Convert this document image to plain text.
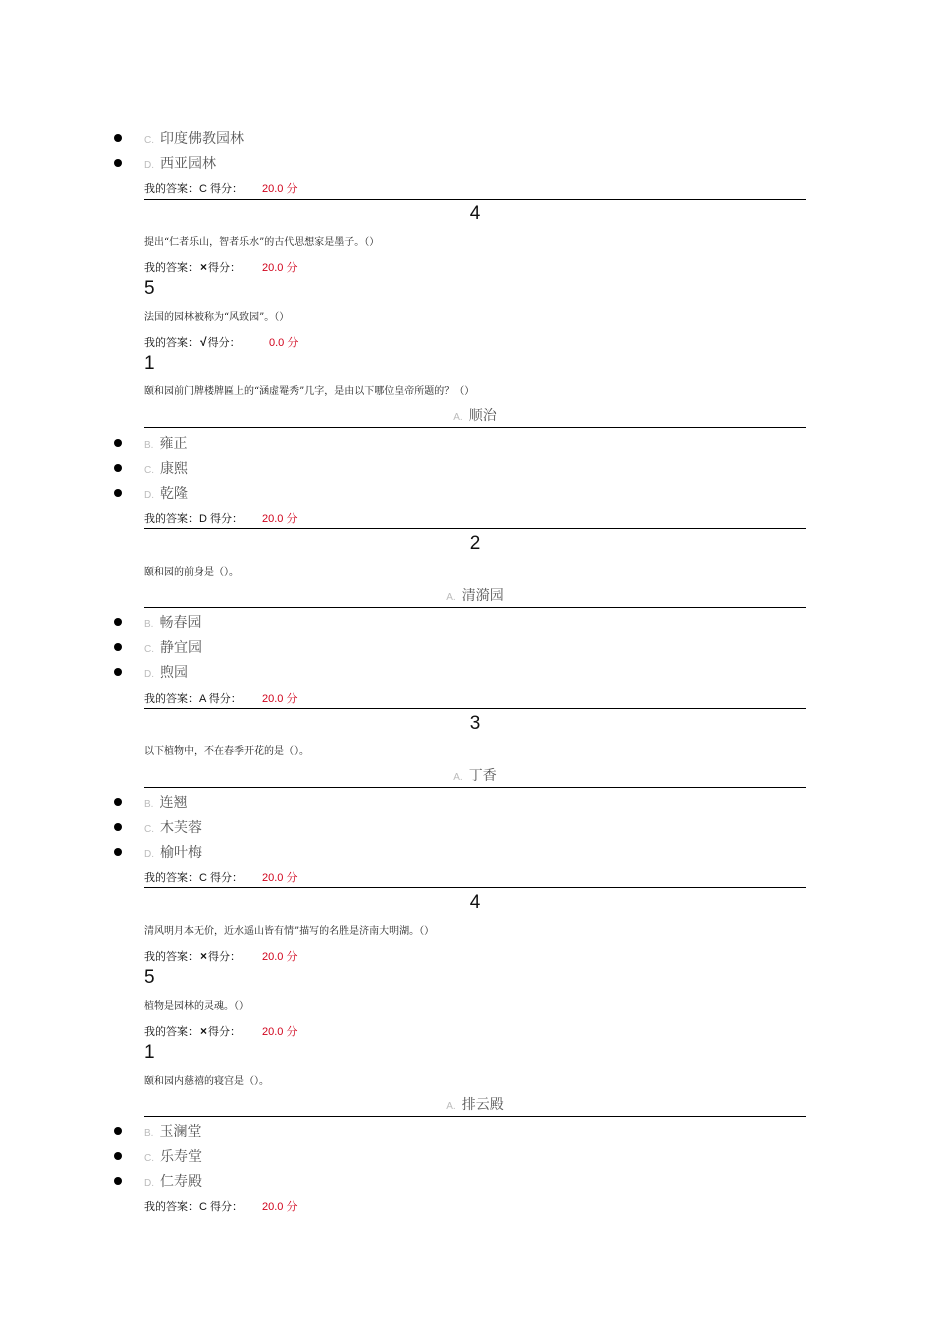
C. 印度佛教园林
D. 西亚园林
我的答案：C 得分： 20.0 分
4
提出“仁者乐山，智者乐水”的古代思想家是墨子。（）
我的答案：×得分： 20.0 分
5
法国的园林被称为“风致园”。（）
我的答案：√得分：	0.0 分
1
颐和园前门牌楼牌匾上的“涵虚罨秀”几字，是由以下哪位皇帝所题的？（）
A. 顺治
B. 雍正
C. 康熙
D. 乾隆
我的答案：D 得分： 20.0 分
2
颐和园的前身是（）。
A. 清漪园
B. 畅春园
C. 静宜园
D. 煦园
我的答案：A 得分： 20.0 分
3
以下植物中，不在春季开花的是（）。
A. 丁香
B. 连翘
C. 木芙蓉
D. 榆叶梅
我的答案：C 得分： 20.0 分
4
清风明月本无价，近水遥山皆有情”描写的名胜是济南大明湖。（）
我的答案：×得分： 20.0 分
5
植物是园林的灵魂。（）
我的答案：×得分： 20.0 分
1
颐和园内慈禧的寝宫是（）。
A. 排云殿
B. 玉澜堂
C. 乐寿堂
D. 仁寿殿
我的答案：C 得分： 20.0 分
